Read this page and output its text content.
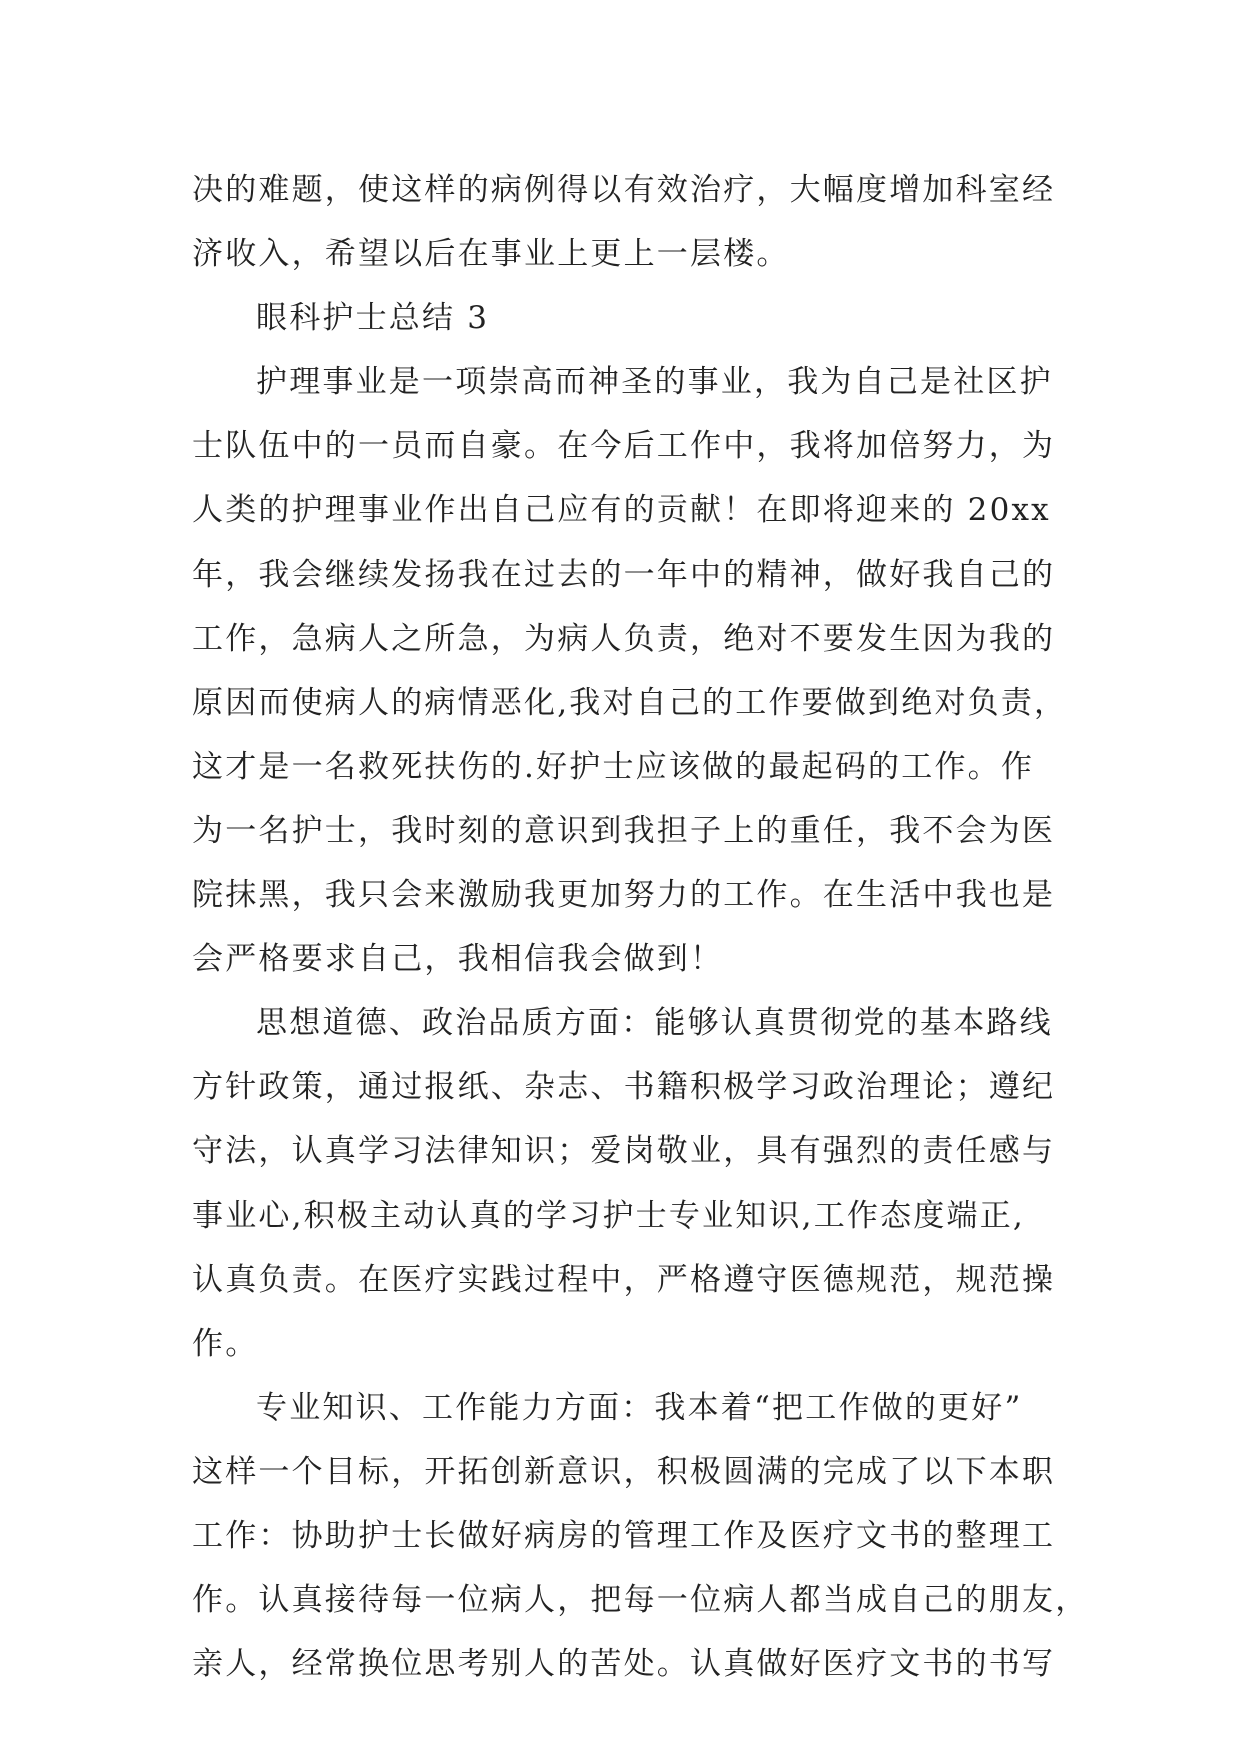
决的难题，使这样的病例得以有效治疗，大幅度增加科室经
济收入，希望以后在事业上更上一层楼。
眼科护士总结 3
护理事业是一项崇高而神圣的事业，我为自己是社区护
士队伍中的一员而自豪。在今后工作中，我将加倍努力，为
人类的护理事业作出自己应有的贡献！在即将迎来的 20xx
年，我会继续发扬我在过去的一年中的精神，做好我自己的
工作，急病人之所急，为病人负责，绝对不要发生因为我的
原因而使病人的病情恶化,我对自己的工作要做到绝对负责，
这才是一名救死扶伤的.好护士应该做的最起码的工作。作
为一名护士，我时刻的意识到我担子上的重任，我不会为医
院抹黑，我只会来激励我更加努力的工作。在生活中我也是
会严格要求自己，我相信我会做到！
思想道德、政治品质方面：能够认真贯彻党的基本路线
方针政策，通过报纸、杂志、书籍积极学习政治理论；遵纪
守法，认真学习法律知识；爱岗敬业，具有强烈的责任感与
事业心,积极主动认真的学习护士专业知识,工作态度端正,
认真负责。在医疗实践过程中，严格遵守医德规范，规范操
作。
专业知识、工作能力方面：我本着“把工作做的更好”
这样一个目标，开拓创新意识，积极圆满的完成了以下本职
工作：协助护士长做好病房的管理工作及医疗文书的整理工
作。认真接待每一位病人，把每一位病人都当成自己的朋友，
亲人，经常换位思考别人的苦处。认真做好医疗文书的书写
